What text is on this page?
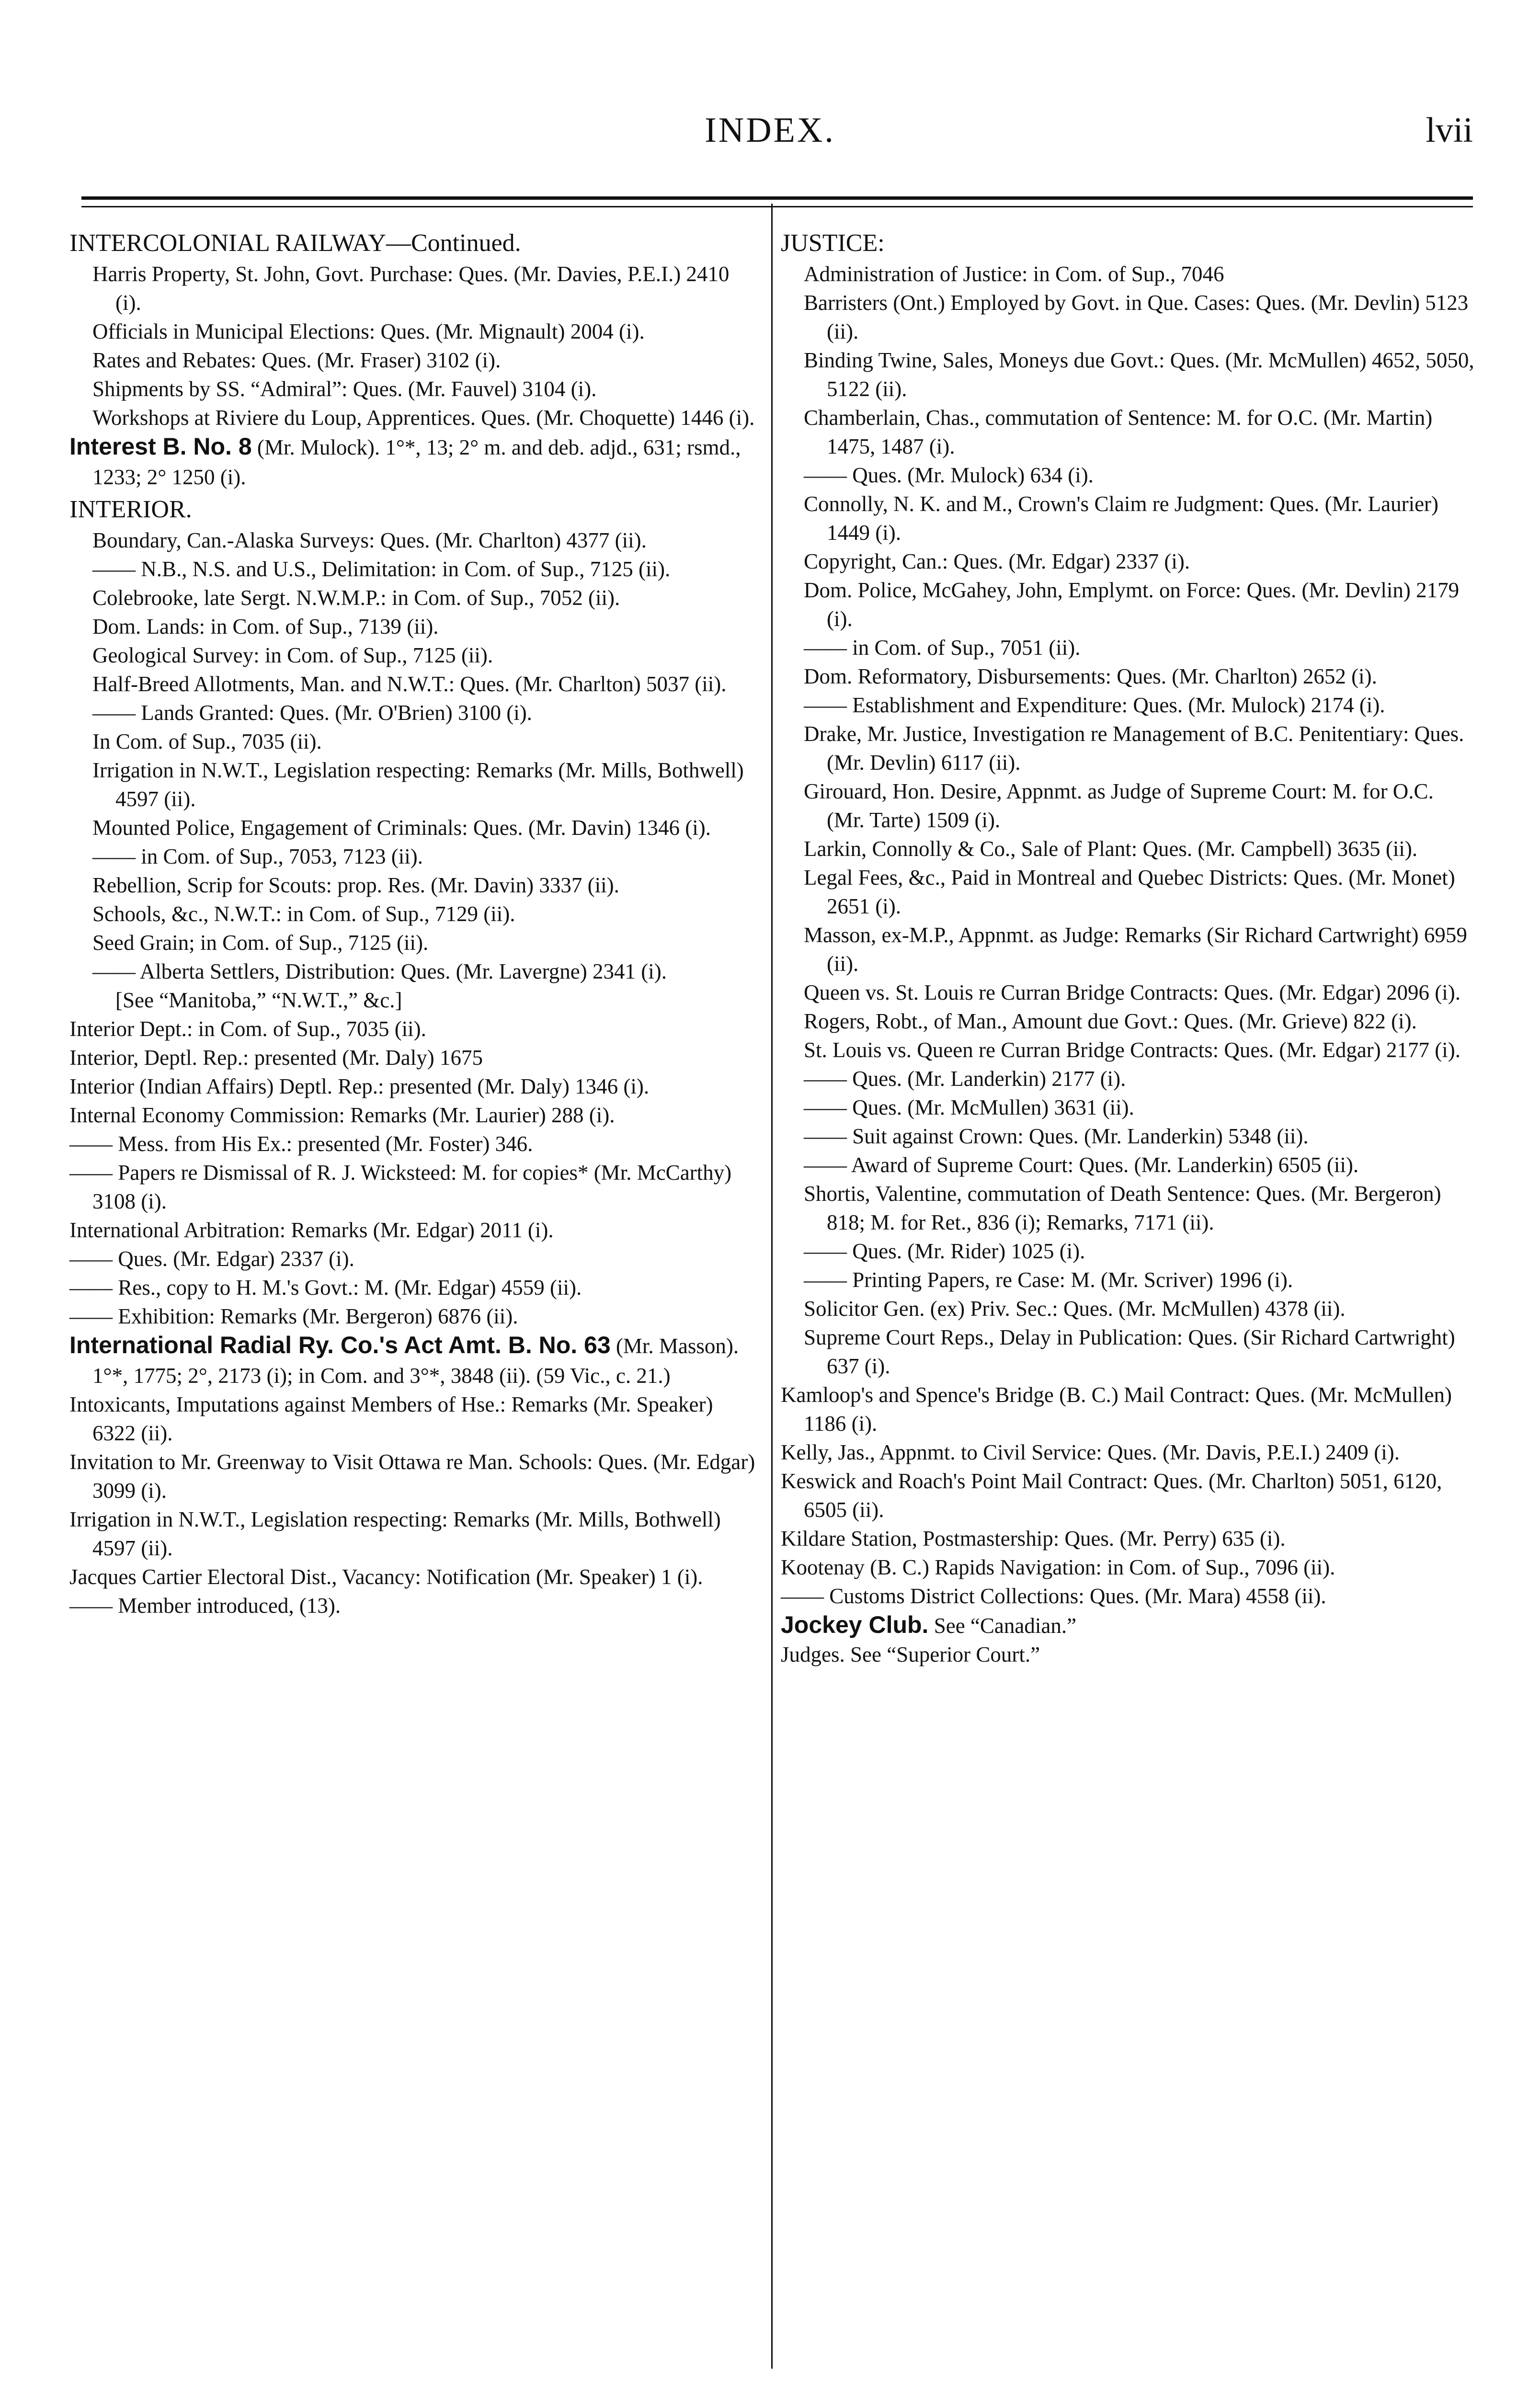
INDEX.	lvii

INTERCOLONIAL RAILWAY—Continued.

Harris Property, St. John, Govt. Purchase: Ques. (Mr. Davies, P.E.I.) 2410 (i).

Officials in Municipal Elections: Ques. (Mr. Mignault) 2004 (i).

Rates and Rebates: Ques. (Mr. Fraser) 3102 (i).

Shipments by SS. “Admiral”: Ques. (Mr. Fauvel) 3104 (i).

Workshops at Riviere du Loup, Apprentices. Ques. (Mr. Choquette) 1446 (i).

Interest B. No. 8 (Mr. Mulock). 1°*, 13; 2° m. and deb. adjd., 631; rsmd., 1233; 2° 1250 (i).

INTERIOR.

Boundary, Can.-Alaska Surveys: Ques. (Mr. Charlton) 4377 (ii).

—— N.B., N.S. and U.S., Delimitation: in Com. of Sup., 7125 (ii).

Colebrooke, late Sergt. N.W.M.P.: in Com. of Sup., 7052 (ii).

Dom. Lands: in Com. of Sup., 7139 (ii).

Geological Survey: in Com. of Sup., 7125 (ii).

Half-Breed Allotments, Man. and N.W.T.: Ques. (Mr. Charlton) 5037 (ii).

—— Lands Granted: Ques. (Mr. O'Brien) 3100 (i).

In Com. of Sup., 7035 (ii).

Irrigation in N.W.T., Legislation respecting: Remarks (Mr. Mills, Bothwell) 4597 (ii).

Mounted Police, Engagement of Criminals: Ques. (Mr. Davin) 1346 (i).

—— in Com. of Sup., 7053, 7123 (ii).

Rebellion, Scrip for Scouts: prop. Res. (Mr. Davin) 3337 (ii).

Schools, &c., N.W.T.: in Com. of Sup., 7129 (ii).

Seed Grain; in Com. of Sup., 7125 (ii).

—— Alberta Settlers, Distribution: Ques. (Mr. Lavergne) 2341 (i).

[See “Manitoba,” “N.W.T.,” &c.]

Interior Dept.: in Com. of Sup., 7035 (ii).

Interior, Deptl. Rep.: presented (Mr. Daly) 1675

Interior (Indian Affairs) Deptl. Rep.: presented (Mr. Daly) 1346 (i).

Internal Economy Commission: Remarks (Mr. Laurier) 288 (i).

—— Mess. from His Ex.: presented (Mr. Foster) 346.

—— Papers re Dismissal of R. J. Wicksteed: M. for copies* (Mr. McCarthy) 3108 (i).

International Arbitration: Remarks (Mr. Edgar) 2011 (i).

—— Ques. (Mr. Edgar) 2337 (i).

—— Res., copy to H. M.'s Govt.: M. (Mr. Edgar) 4559 (ii).

—— Exhibition: Remarks (Mr. Bergeron) 6876 (ii).

International Radial Ry. Co.'s Act Amt. B. No. 63 (Mr. Masson). 1°*, 1775; 2°, 2173 (i); in Com. and 3°*, 3848 (ii). (59 Vic., c. 21.)

Intoxicants, Imputations against Members of Hse.: Remarks (Mr. Speaker) 6322 (ii).

Invitation to Mr. Greenway to Visit Ottawa re Man. Schools: Ques. (Mr. Edgar) 3099 (i).

Irrigation in N.W.T., Legislation respecting: Remarks (Mr. Mills, Bothwell) 4597 (ii).

Jacques Cartier Electoral Dist., Vacancy: Notification (Mr. Speaker) 1 (i).

—— Member introduced, (13).

JUSTICE:

Administration of Justice: in Com. of Sup., 7046

Barristers (Ont.) Employed by Govt. in Que. Cases: Ques. (Mr. Devlin) 5123 (ii).

Binding Twine, Sales, Moneys due Govt.: Ques. (Mr. McMullen) 4652, 5050, 5122 (ii).

Chamberlain, Chas., commutation of Sentence: M. for O.C. (Mr. Martin) 1475, 1487 (i).

—— Ques. (Mr. Mulock) 634 (i).

Connolly, N. K. and M., Crown's Claim re Judgment: Ques. (Mr. Laurier) 1449 (i).

Copyright, Can.: Ques. (Mr. Edgar) 2337 (i).

Dom. Police, McGahey, John, Emplymt. on Force: Ques. (Mr. Devlin) 2179 (i).

—— in Com. of Sup., 7051 (ii).

Dom. Reformatory, Disbursements: Ques. (Mr. Charlton) 2652 (i).

—— Establishment and Expenditure: Ques. (Mr. Mulock) 2174 (i).

Drake, Mr. Justice, Investigation re Management of B.C. Penitentiary: Ques. (Mr. Devlin) 6117 (ii).

Girouard, Hon. Desire, Appnmt. as Judge of Supreme Court: M. for O.C. (Mr. Tarte) 1509 (i).

Larkin, Connolly & Co., Sale of Plant: Ques. (Mr. Campbell) 3635 (ii).

Legal Fees, &c., Paid in Montreal and Quebec Districts: Ques. (Mr. Monet) 2651 (i).

Masson, ex-M.P., Appnmt. as Judge: Remarks (Sir Richard Cartwright) 6959 (ii).

Queen vs. St. Louis re Curran Bridge Contracts: Ques. (Mr. Edgar) 2096 (i).

Rogers, Robt., of Man., Amount due Govt.: Ques. (Mr. Grieve) 822 (i).

St. Louis vs. Queen re Curran Bridge Contracts: Ques. (Mr. Edgar) 2177 (i).

—— Ques. (Mr. Landerkin) 2177 (i).

—— Ques. (Mr. McMullen) 3631 (ii).

—— Suit against Crown: Ques. (Mr. Landerkin) 5348 (ii).

—— Award of Supreme Court: Ques. (Mr. Landerkin) 6505 (ii).

Shortis, Valentine, commutation of Death Sentence: Ques. (Mr. Bergeron) 818; M. for Ret., 836 (i); Remarks, 7171 (ii).

—— Ques. (Mr. Rider) 1025 (i).

—— Printing Papers, re Case: M. (Mr. Scriver) 1996 (i).

Solicitor Gen. (ex) Priv. Sec.: Ques. (Mr. McMullen) 4378 (ii).

Supreme Court Reps., Delay in Publication: Ques. (Sir Richard Cartwright) 637 (i).

Kamloop's and Spence's Bridge (B. C.) Mail Contract: Ques. (Mr. McMullen) 1186 (i).

Kelly, Jas., Appnmt. to Civil Service: Ques. (Mr. Davis, P.E.I.) 2409 (i).

Keswick and Roach's Point Mail Contract: Ques. (Mr. Charlton) 5051, 6120, 6505 (ii).

Kildare Station, Postmastership: Ques. (Mr. Perry) 635 (i).

Kootenay (B. C.) Rapids Navigation: in Com. of Sup., 7096 (ii).

—— Customs District Collections: Ques. (Mr. Mara) 4558 (ii).

Jockey Club. See “Canadian.”

Judges. See “Superior Court.”
